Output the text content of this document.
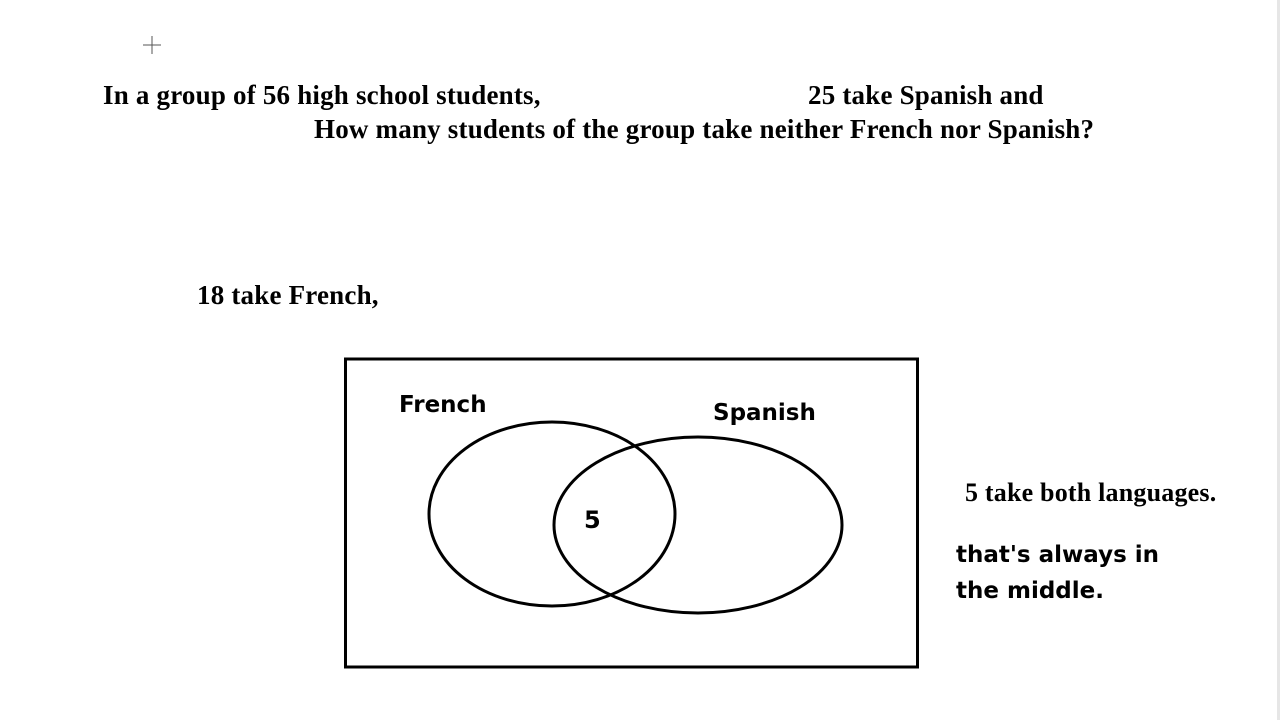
In a group of 56 high school students,	25 take Spanish and
How many students of the group take neither French nor Spanish?
18 take French,
French	Spanish
5
5 take both languages.
that's always in
the middle.
